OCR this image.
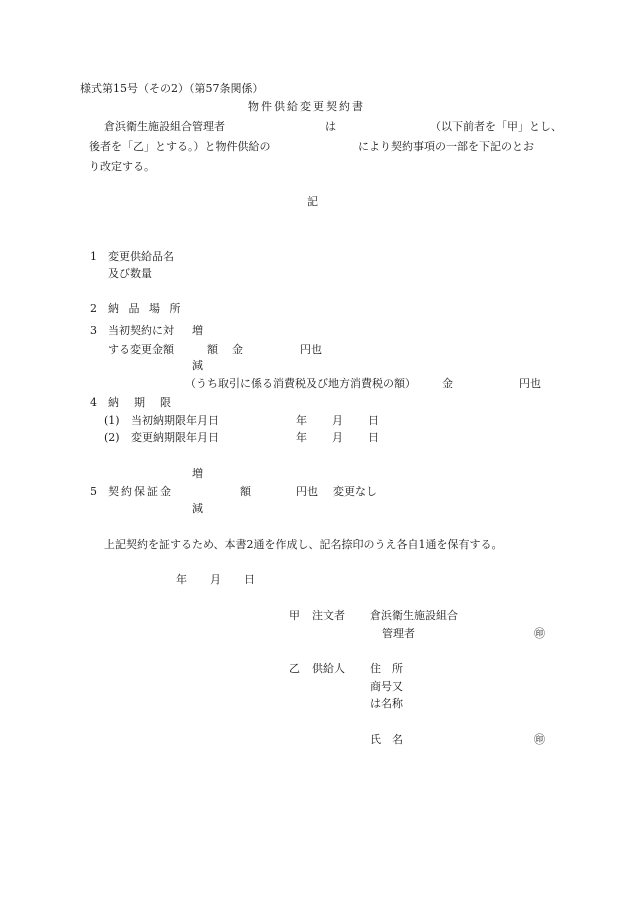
様式第15号（その2）（第57条関係）
物件供給変更契約書
倉浜衛生施設組合管理者	は	（以下前者を「甲」とし、
後者を「乙」とする。）と物件供給の	により契約事項の一部を下記のとお
り改定する。
記
1 変更供給品名
及び数量
2 納 品 場 所
3 当初契約に対 増
する変更金額	額 金	円也
減
（うち取引に係る消費税及び地方消費税の額） 金	円也
4 納　期　限
(1) 当初納期限年月日	年 月 日
(2) 変更納期限年月日	年 月 日
増
5 契約保証金	額	円也 変更なし
減
上記契約を証するため、本書2通を作成し、記名捺印のうえ各自1通を保有する。
年 月 日
甲 注文者 倉浜衛生施設組合
管理者	㊞
乙 供給人 住　所
商号又
は名称
氏　名	㊞
